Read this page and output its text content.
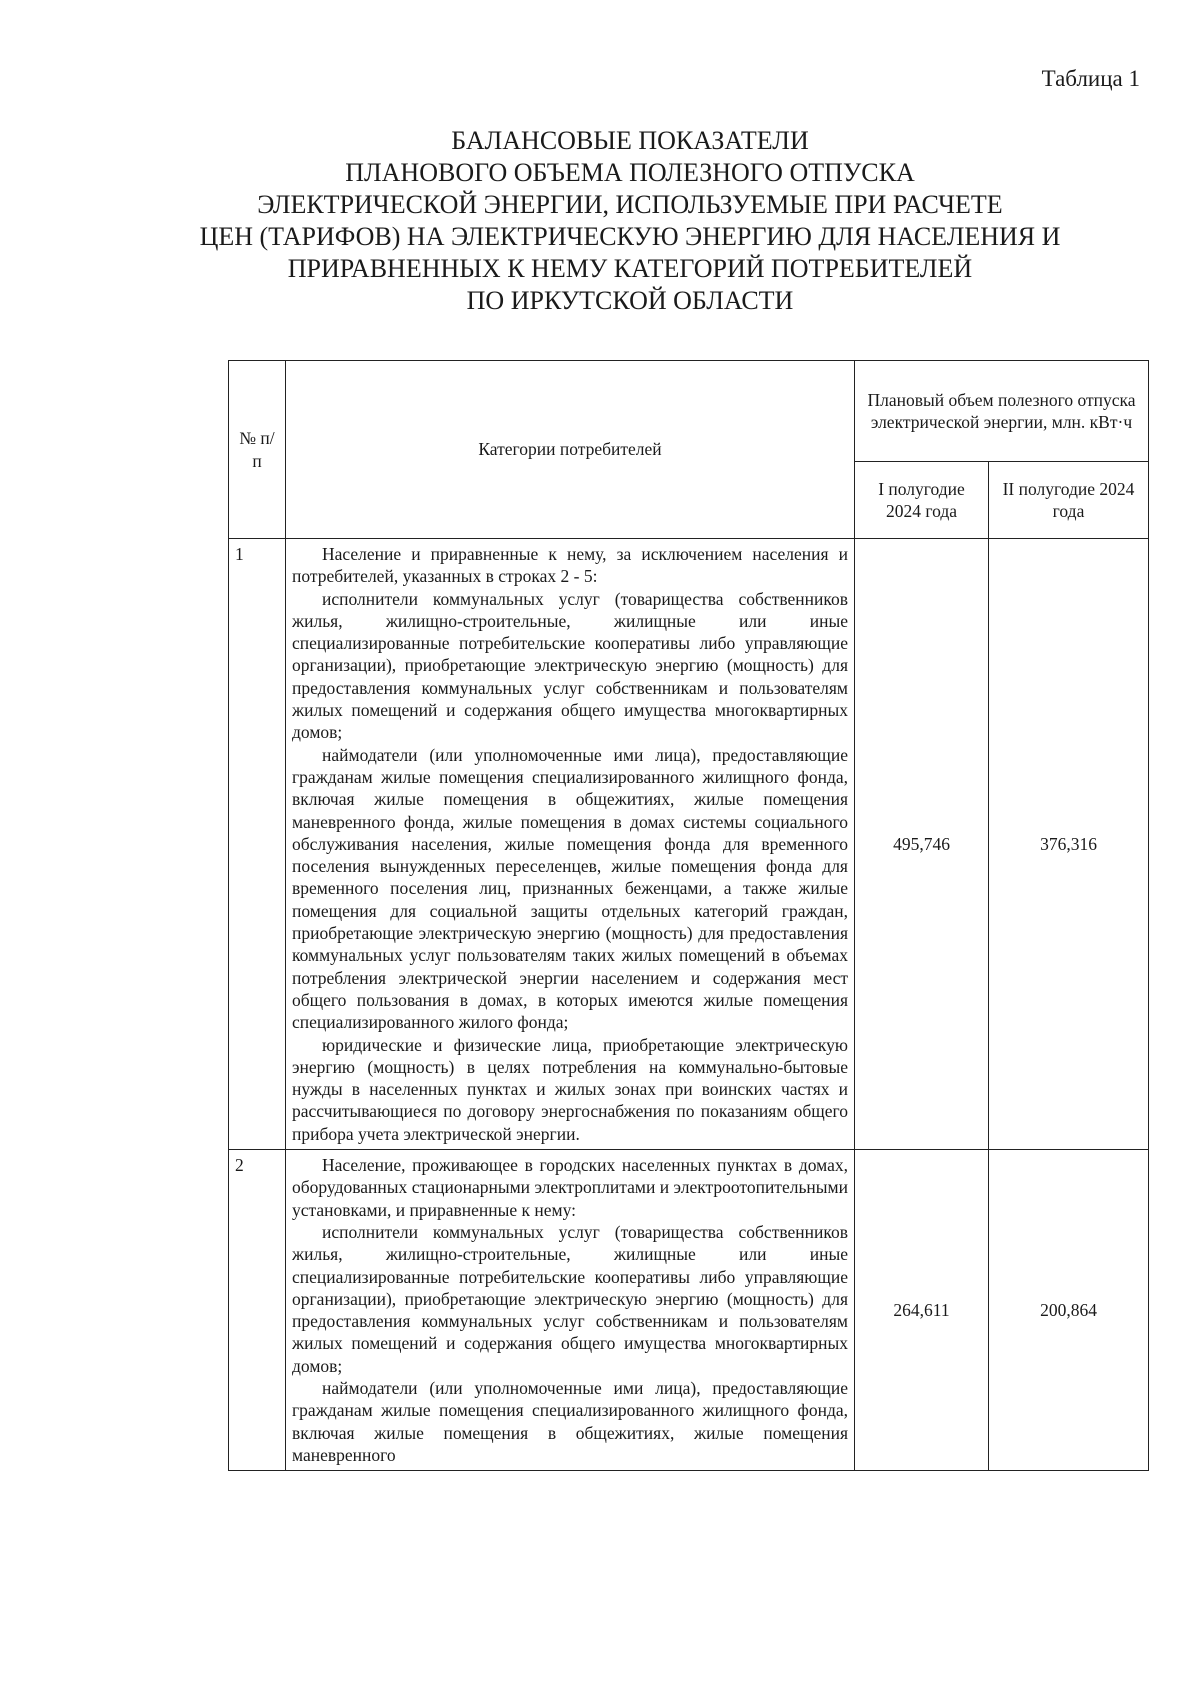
Таблица 1
БАЛАНСОВЫЕ ПОКАЗАТЕЛИ
ПЛАНОВОГО ОБЪЕМА ПОЛЕЗНОГО ОТПУСКА
ЭЛЕКТРИЧЕСКОЙ ЭНЕРГИИ, ИСПОЛЬЗУЕМЫЕ ПРИ РАСЧЕТЕ
ЦЕН (ТАРИФОВ) НА ЭЛЕКТРИЧЕСКУЮ ЭНЕРГИЮ ДЛЯ НАСЕЛЕНИЯ И
ПРИРАВНЕННЫХ К НЕМУ КАТЕГОРИЙ ПОТРЕБИТЕЛЕЙ
ПО ИРКУТСКОЙ ОБЛАСТИ
№ п/п	Категории потребителей	Плановый объем полезного отпуска электрической энергии, млн. кВт·ч	
		I полугодие 2024 года	II полугодие 2024 года
1	Население и приравненные к нему, за исключением населения и потребителей, указанных в строках 2 - 5:
исполнители коммунальных услуг (товарищества собственников жилья, жилищно-строительные, жилищные или иные специализированные потребительские кооперативы либо управляющие организации), приобретающие электрическую энергию (мощность) для предоставления коммунальных услуг собственникам и пользователям жилых помещений и содержания общего имущества многоквартирных домов;
наймодатели (или уполномоченные ими лица), предоставляющие гражданам жилые помещения специализированного жилищного фонда, включая жилые помещения в общежитиях, жилые помещения маневренного фонда, жилые помещения в домах системы социального обслуживания населения, жилые помещения фонда для временного поселения вынужденных переселенцев, жилые помещения фонда для временного поселения лиц, признанных беженцами, а также жилые помещения для социальной защиты отдельных категорий граждан, приобретающие электрическую энергию (мощность) для предоставления коммунальных услуг пользователям таких жилых помещений в объемах потребления электрической энергии населением и содержания мест общего пользования в домах, в которых имеются жилые помещения специализированного жилого фонда;
юридические и физические лица, приобретающие электрическую энергию (мощность) в целях потребления на коммунально-бытовые нужды в населенных пунктах и жилых зонах при воинских частях и рассчитывающиеся по договору энергоснабжения по показаниям общего прибора учета электрической энергии.	495,746	376,316
2	Население, проживающее в городских населенных пунктах в домах, оборудованных стационарными электроплитами и электроотопительными установками, и приравненные к нему:
исполнители коммунальных услуг (товарищества собственников жилья, жилищно-строительные, жилищные или иные специализированные потребительские кооперативы либо управляющие организации), приобретающие электрическую энергию (мощность) для предоставления коммунальных услуг собственникам и пользователям жилых помещений и содержания общего имущества многоквартирных домов;
наймодатели (или уполномоченные ими лица), предоставляющие гражданам жилые помещения специализированного жилищного фонда, включая жилые помещения в общежитиях, жилые помещения маневренного	264,611	200,864
